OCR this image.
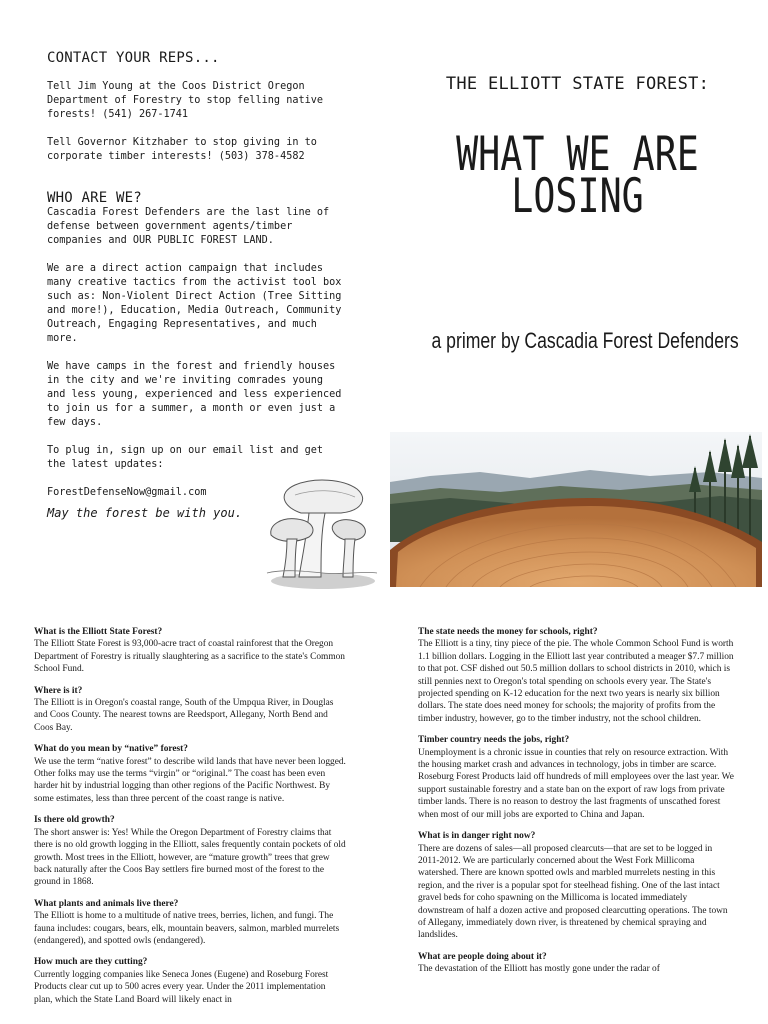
CONTACT YOUR REPS...

Tell Jim Young at the Coos District Oregon Department of Forestry to stop felling native forests! (541) 267-1741

Tell Governor Kitzhaber to stop giving in to corporate timber interests! (503) 378-4582

WHO ARE WE?

Cascadia Forest Defenders are the last line of defense between government agents/timber companies and OUR PUBLIC FOREST LAND.

We are a direct action campaign that includes many creative tactics from the activist tool box such as: Non-Violent Direct Action (Tree Sitting and more!), Education, Media Outreach, Community Outreach, Engaging Representatives, and much more.

We have camps in the forest and friendly houses in the city and we're inviting comrades young and less young, experienced and less experienced to join us for a summer, a month or even just a few days.

To plug in, sign up on our email list and get the latest updates:

ForestDefenseNow@gmail.com

May the forest be with you.
THE ELLIOTT STATE FOREST:
WHAT WE ARE
LOSING
a primer by Cascadia Forest Defenders
What is the Elliott State Forest?

The Elliott State Forest is 93,000-acre tract of coastal rainforest that the Oregon Department of Forestry is ritually slaughtering as a sacrifice to the state's Common School Fund.

Where is it?

The Elliott is in Oregon's coastal range, South of the Umpqua River, in Douglas and Coos County. The nearest towns are Reedsport, Allegany, North Bend and Coos Bay.

What do you mean by “native” forest?

We use the term “native forest” to describe wild lands that have never been logged. Other folks may use the terms “virgin” or “original.” The coast has been even harder hit by industrial logging than other regions of the Pacific Northwest. By some estimates, less than three percent of the coast range is native.

Is there old growth?

The short answer is: Yes! While the Oregon Department of Forestry claims that there is no old growth logging in the Elliott, sales frequently contain pockets of old growth. Most trees in the Elliott, however, are “mature growth” trees that grew back naturally after the Coos Bay settlers fire burned most of the forest to the ground in 1868.

What plants and animals live there?

The Elliott is home to a multitude of native trees, berries, lichen, and fungi. The fauna includes: cougars, bears, elk, mountain beavers, salmon, marbled murrelets (endangered), and spotted owls (endangered).

How much are they cutting?

Currently logging companies like Seneca Jones (Eugene) and Roseburg Forest Products clear cut up to 500 acres every year. Under the 2011 implementation plan, which the State Land Board will likely enact in

The state needs the money for schools, right?

The Elliott is a tiny, tiny piece of the pie. The whole Common School Fund is worth 1.1 billion dollars. Logging in the Elliott last year contributed a meager $7.7 million to that pot. CSF dished out 50.5 million dollars to school districts in 2010, which is still pennies next to Oregon's total spending on schools every year. The State's projected spending on K-12 education for the next two years is nearly six billion dollars. The state does need money for schools; the majority of profits from the timber industry, however, go to the timber industry, not the school children.

Timber country needs the jobs, right?

Unemployment is a chronic issue in counties that rely on resource extraction. With the housing market crash and advances in technology, jobs in timber are scarce. Roseburg Forest Products laid off hundreds of mill employees over the last year. We support sustainable forestry and a state ban on the export of raw logs from private timber lands. There is no reason to destroy the last fragments of unscathed forest when most of our mill jobs are exported to China and Japan.

What is in danger right now?

There are dozens of sales—all proposed clearcuts—that are set to be logged in 2011-2012. We are particularly concerned about the West Fork Millicoma watershed. There are known spotted owls and marbled murrelets nesting in this region, and the river is a popular spot for steelhead fishing. One of the last intact gravel beds for coho spawning on the Millicoma is located immediately downstream of half a dozen active and proposed clearcutting operations. The town of Allegany, immediately down river, is threatened by chemical spraying and landslides.

What are people doing about it?

The devastation of the Elliott has mostly gone under the radar of
